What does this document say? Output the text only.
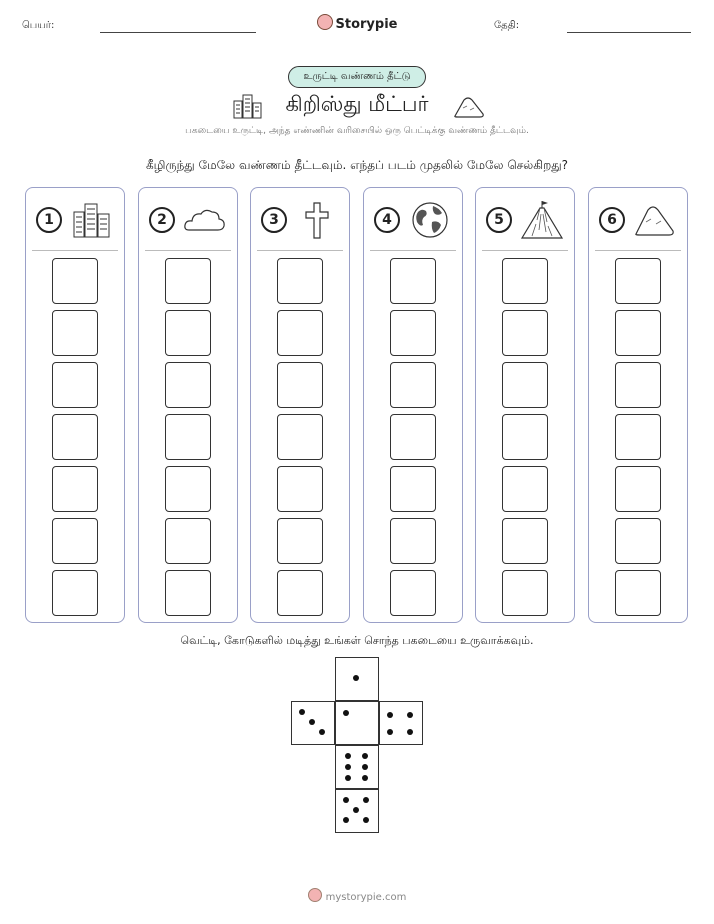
பெயர்:	Storypie	தேதி:
உருட்டி வண்ணம் தீட்டு
கிறிஸ்து மீட்பர்
பகடையை உருட்டி, அந்த எண்ணின் வரிசையில் ஒரு பெட்டிக்கு வண்ணம் தீட்டவும்.
கீழிருந்து மேலே வண்ணம் தீட்டவும். எந்தப் படம் முதலில் மேலே செல்கிறது?
1	2	3	4	5	6
வெட்டி, கோடுகளில் மடித்து உங்கள் சொந்த பகடையை உருவாக்கவும்.
mystorypie.com
